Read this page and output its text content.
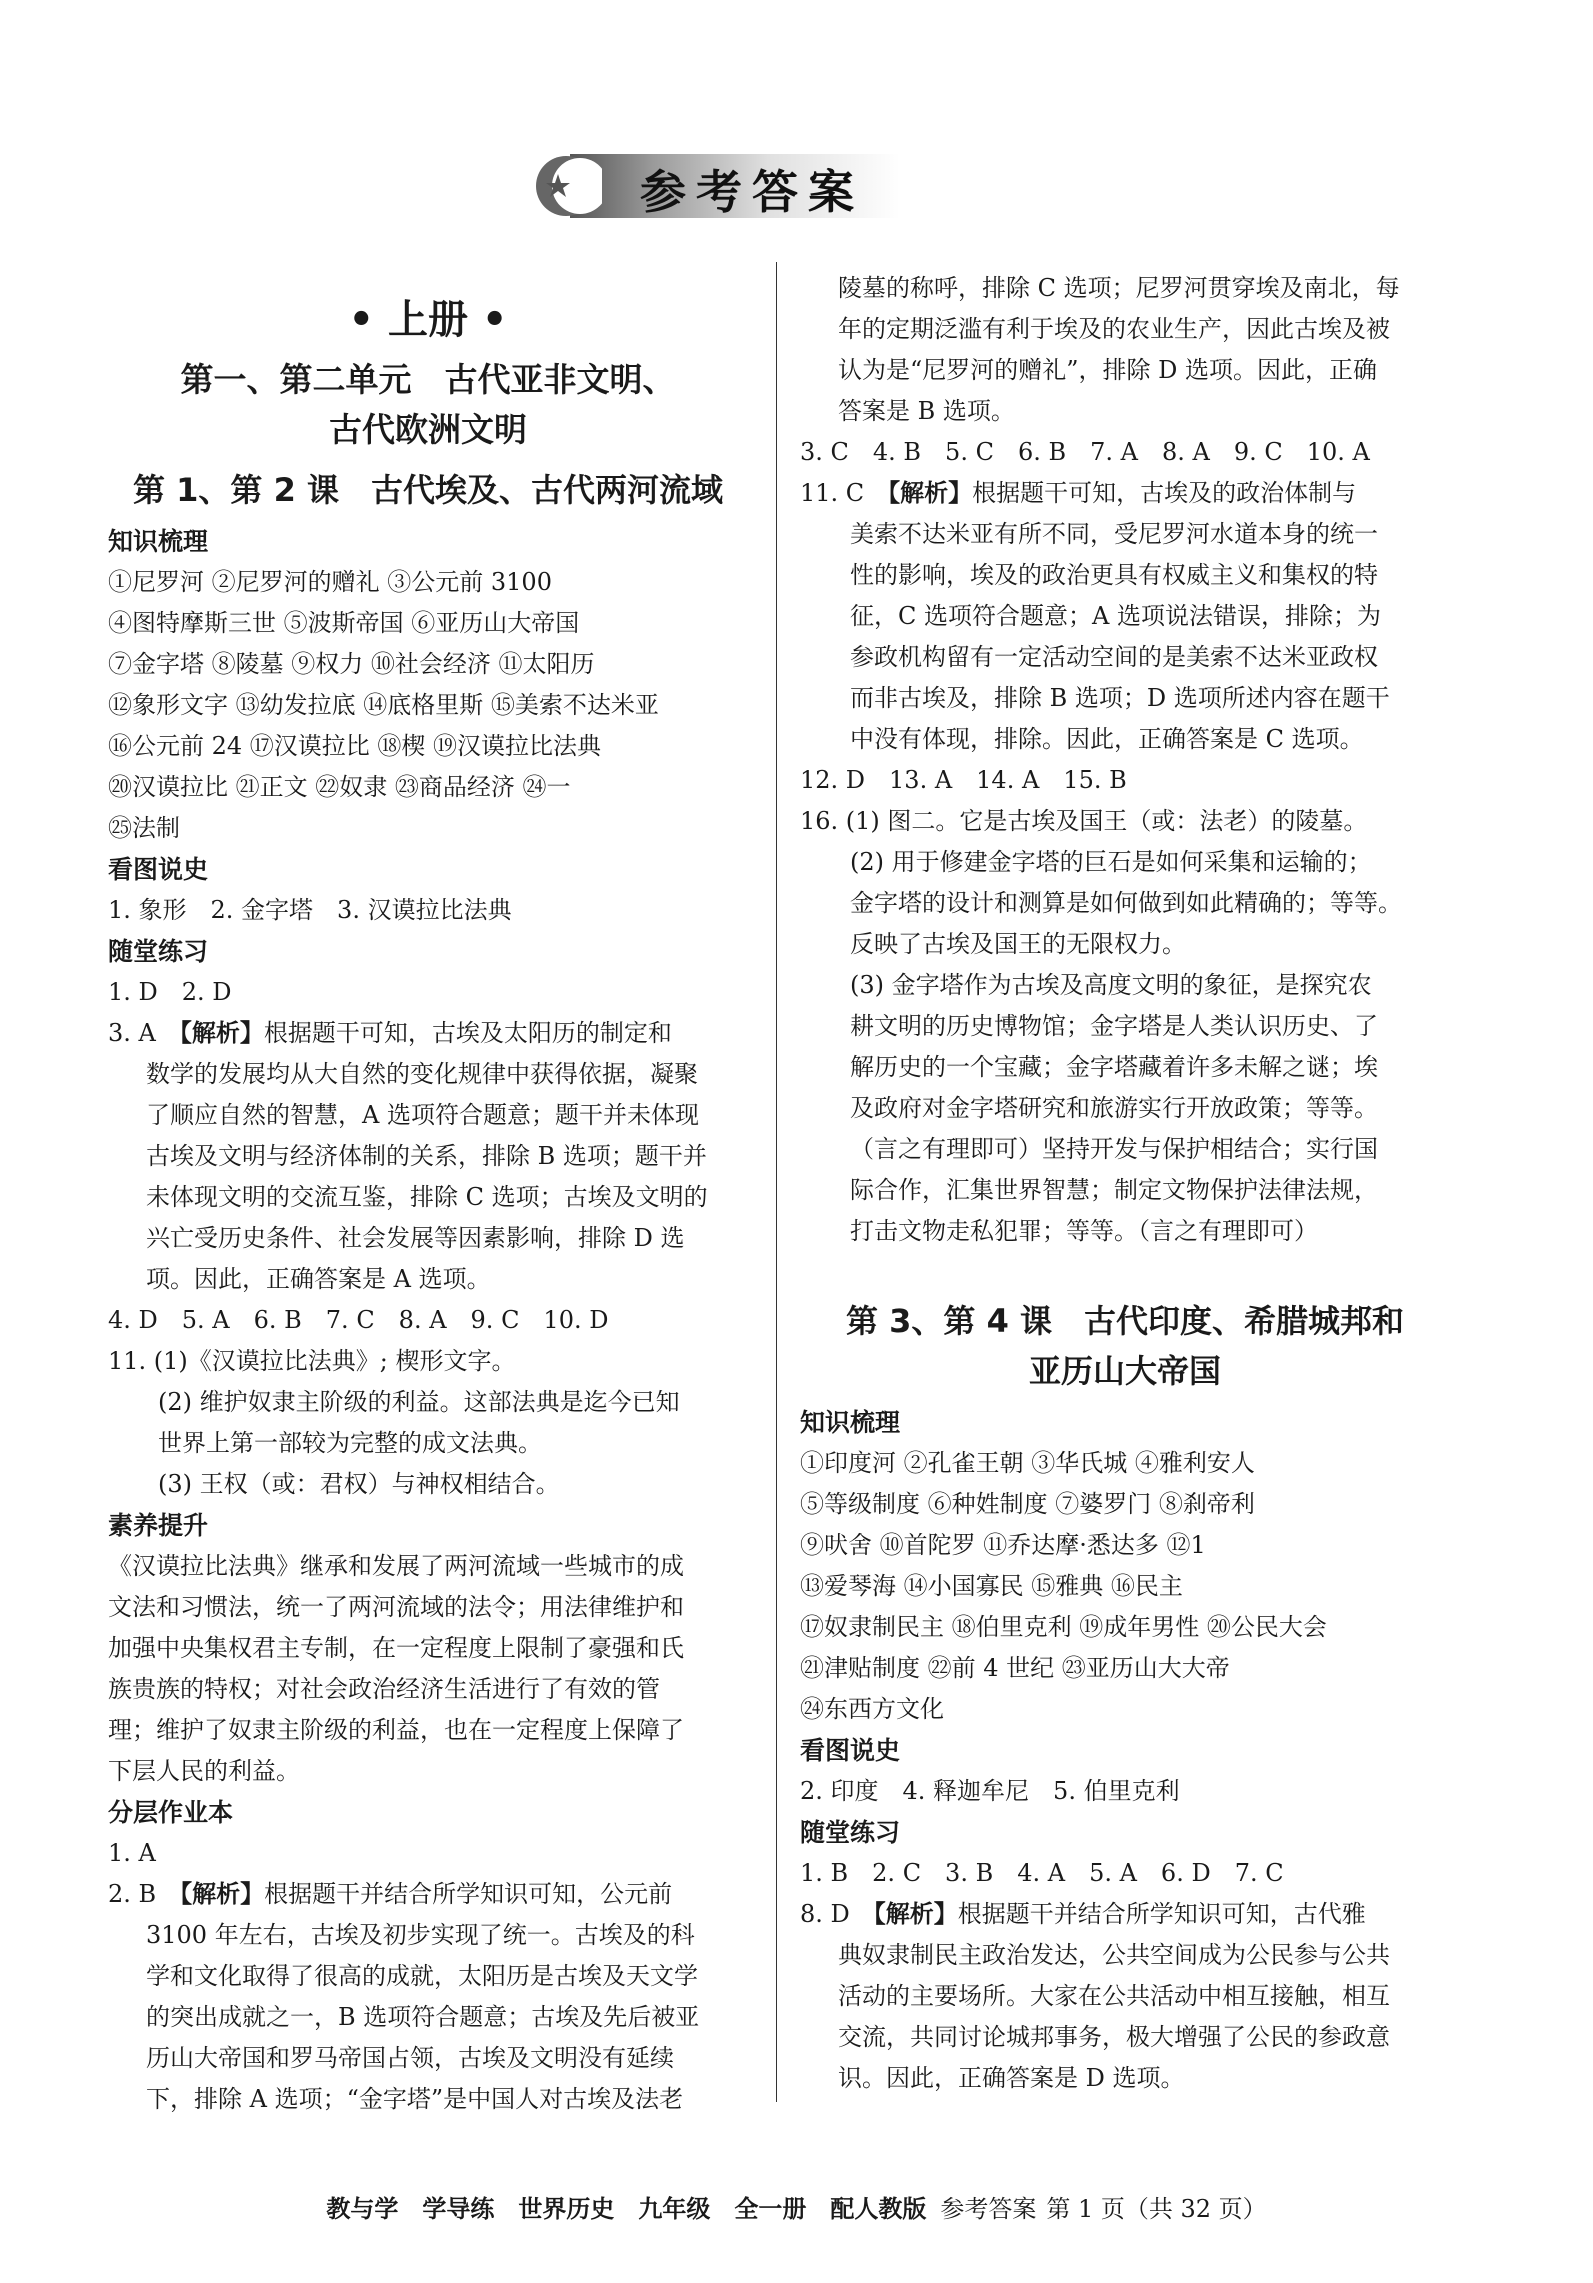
参考答案
• 上册 •
第一、第二单元　古代亚非文明、
古代欧洲文明
第 1、第 2 课　古代埃及、古代两河流域
知识梳理
①尼罗河 ②尼罗河的赠礼 ③公元前 3100
④图特摩斯三世 ⑤波斯帝国 ⑥亚历山大帝国
⑦金字塔 ⑧陵墓 ⑨权力 ⑩社会经济 ⑪太阳历
⑫象形文字 ⑬幼发拉底 ⑭底格里斯 ⑮美索不达米亚
⑯公元前 24 ⑰汉谟拉比 ⑱楔 ⑲汉谟拉比法典
⑳汉谟拉比 ㉑正文 ㉒奴隶 ㉓商品经济 ㉔一
㉕法制
看图说史
1. 象形　2. 金字塔　3. 汉谟拉比法典
随堂练习
1. D　2. D
3. A　【解析】根据题干可知，古埃及太阳历的制定和
数学的发展均从大自然的变化规律中获得依据，凝聚
了顺应自然的智慧，A 选项符合题意；题干并未体现
古埃及文明与经济体制的关系，排除 B 选项；题干并
未体现文明的交流互鉴，排除 C 选项；古埃及文明的
兴亡受历史条件、社会发展等因素影响，排除 D 选
项。因此，正确答案是 A 选项。
4. D　5. A　6. B　7. C　8. A　9. C　10. D
11. (1)《汉谟拉比法典》; 楔形文字。
(2) 维护奴隶主阶级的利益。这部法典是迄今已知
世界上第一部较为完整的成文法典。
(3) 王权（或：君权）与神权相结合。
素养提升
《汉谟拉比法典》继承和发展了两河流域一些城市的成
文法和习惯法，统一了两河流域的法令；用法律维护和
加强中央集权君主专制，在一定程度上限制了豪强和氏
族贵族的特权；对社会政治经济生活进行了有效的管
理；维护了奴隶主阶级的利益，也在一定程度上保障了
下层人民的利益。
分层作业本
1. A
2. B　【解析】根据题干并结合所学知识可知，公元前
3100 年左右，古埃及初步实现了统一。古埃及的科
学和文化取得了很高的成就，太阳历是古埃及天文学
的突出成就之一，B 选项符合题意；古埃及先后被亚
历山大帝国和罗马帝国占领，古埃及文明没有延续
下，排除 A 选项；“金字塔”是中国人对古埃及法老
陵墓的称呼，排除 C 选项；尼罗河贯穿埃及南北，每
年的定期泛滥有利于埃及的农业生产，因此古埃及被
认为是“尼罗河的赠礼”，排除 D 选项。因此，正确
答案是 B 选项。
3. C　4. B　5. C　6. B　7. A　8. A　9. C　10. A
11. C　【解析】根据题干可知，古埃及的政治体制与
美索不达米亚有所不同，受尼罗河水道本身的统一
性的影响，埃及的政治更具有权威主义和集权的特
征，C 选项符合题意；A 选项说法错误，排除；为
参政机构留有一定活动空间的是美索不达米亚政权
而非古埃及，排除 B 选项；D 选项所述内容在题干
中没有体现，排除。因此，正确答案是 C 选项。
12. D　13. A　14. A　15. B
16. (1) 图二。它是古埃及国王（或：法老）的陵墓。
(2) 用于修建金字塔的巨石是如何采集和运输的；
金字塔的设计和测算是如何做到如此精确的；等等。
反映了古埃及国王的无限权力。
(3) 金字塔作为古埃及高度文明的象征，是探究农
耕文明的历史博物馆；金字塔是人类认识历史、了
解历史的一个宝藏；金字塔藏着许多未解之谜；埃
及政府对金字塔研究和旅游实行开放政策；等等。
（言之有理即可）坚持开发与保护相结合；实行国
际合作，汇集世界智慧；制定文物保护法律法规，
打击文物走私犯罪；等等。（言之有理即可）
第 3、第 4 课　古代印度、希腊城邦和
亚历山大帝国
知识梳理
①印度河 ②孔雀王朝 ③华氏城 ④雅利安人
⑤等级制度 ⑥种姓制度 ⑦婆罗门 ⑧刹帝利
⑨吠舍 ⑩首陀罗 ⑪乔达摩·悉达多 ⑫1
⑬爱琴海 ⑭小国寡民 ⑮雅典 ⑯民主
⑰奴隶制民主 ⑱伯里克利 ⑲成年男性 ⑳公民大会
㉑津贴制度 ㉒前 4 世纪 ㉓亚历山大大帝
㉔东西方文化
看图说史
2. 印度　4. 释迦牟尼　5. 伯里克利
随堂练习
1. B　2. C　3. B　4. A　5. A　6. D　7. C
8. D　【解析】根据题干并结合所学知识可知，古代雅
典奴隶制民主政治发达，公共空间成为公民参与公共
活动的主要场所。大家在公共活动中相互接触，相互
交流，共同讨论城邦事务，极大增强了公民的参政意
识。因此，正确答案是 D 选项。
教与学　学导练　世界历史　九年级　全一册　配人教版 参考答案 第 1 页（共 32 页）
